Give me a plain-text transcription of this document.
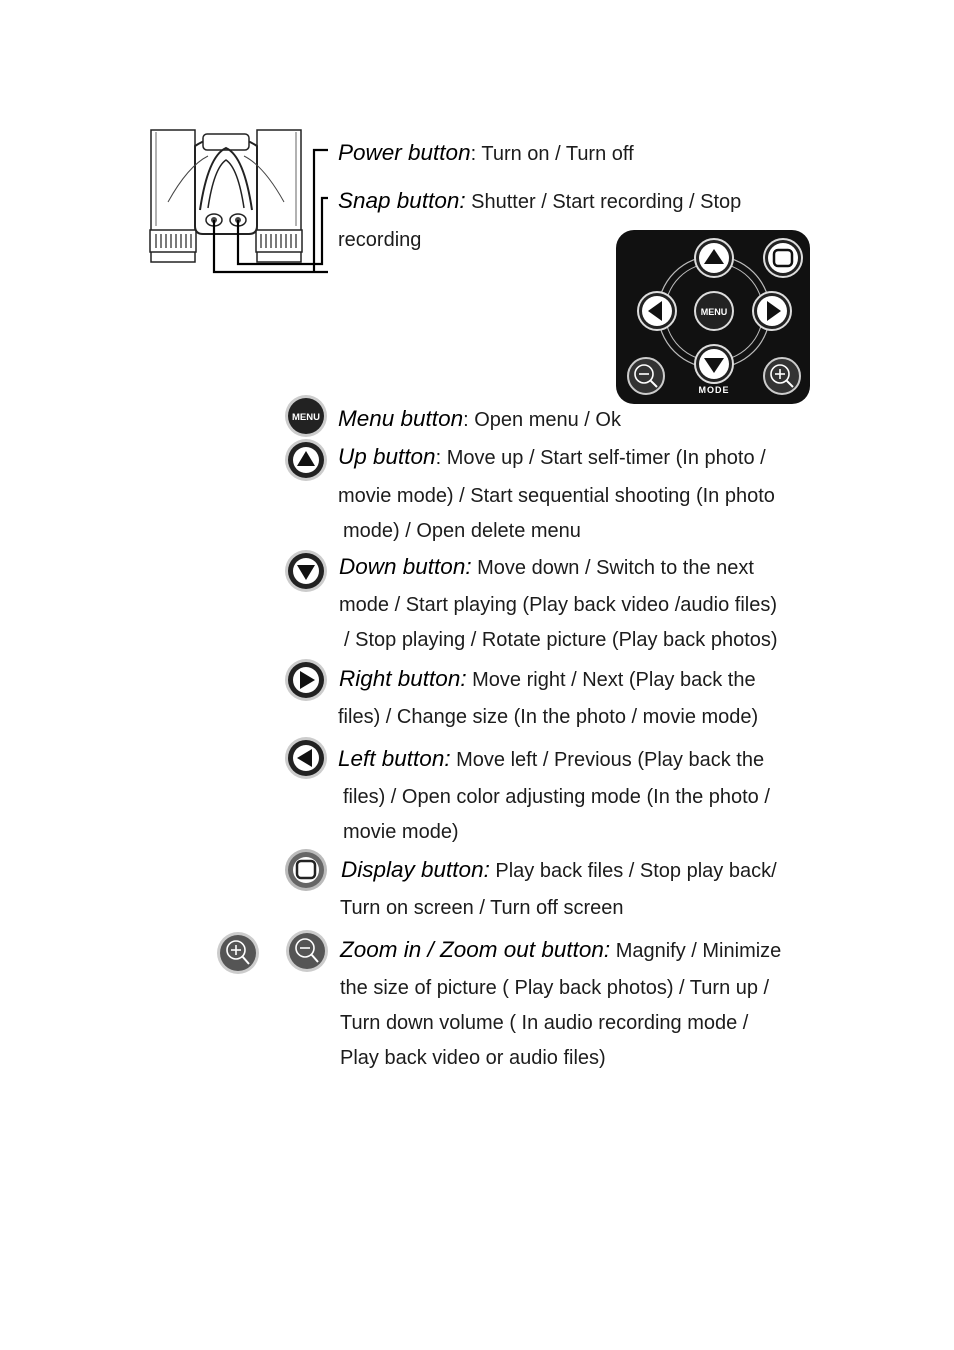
Power button: Turn on / Turn off
Snap button: Shutter / Start recording / Stop
recording
MENU
MODE
MENU Menu button: Open menu / Ok
Up button: Move up / Start self-timer (In photo /
movie mode) / Start sequential shooting (In photo
mode) / Open delete menu
Down button: Move down / Switch to the next
mode / Start playing (Play back video /audio files)
/ Stop playing / Rotate picture (Play back photos)
Right button: Move right / Next (Play back the
files) / Change size (In the photo / movie mode)
Left button: Move left / Previous (Play back the
files) / Open color adjusting mode (In the photo /
movie mode)
Display button: Play back files / Stop play back/
Turn on screen / Turn off screen
Zoom in / Zoom out button: Magnify / Minimize
the size of picture ( Play back photos) / Turn up /
Turn down volume ( In audio recording mode /
Play back video or audio files)
